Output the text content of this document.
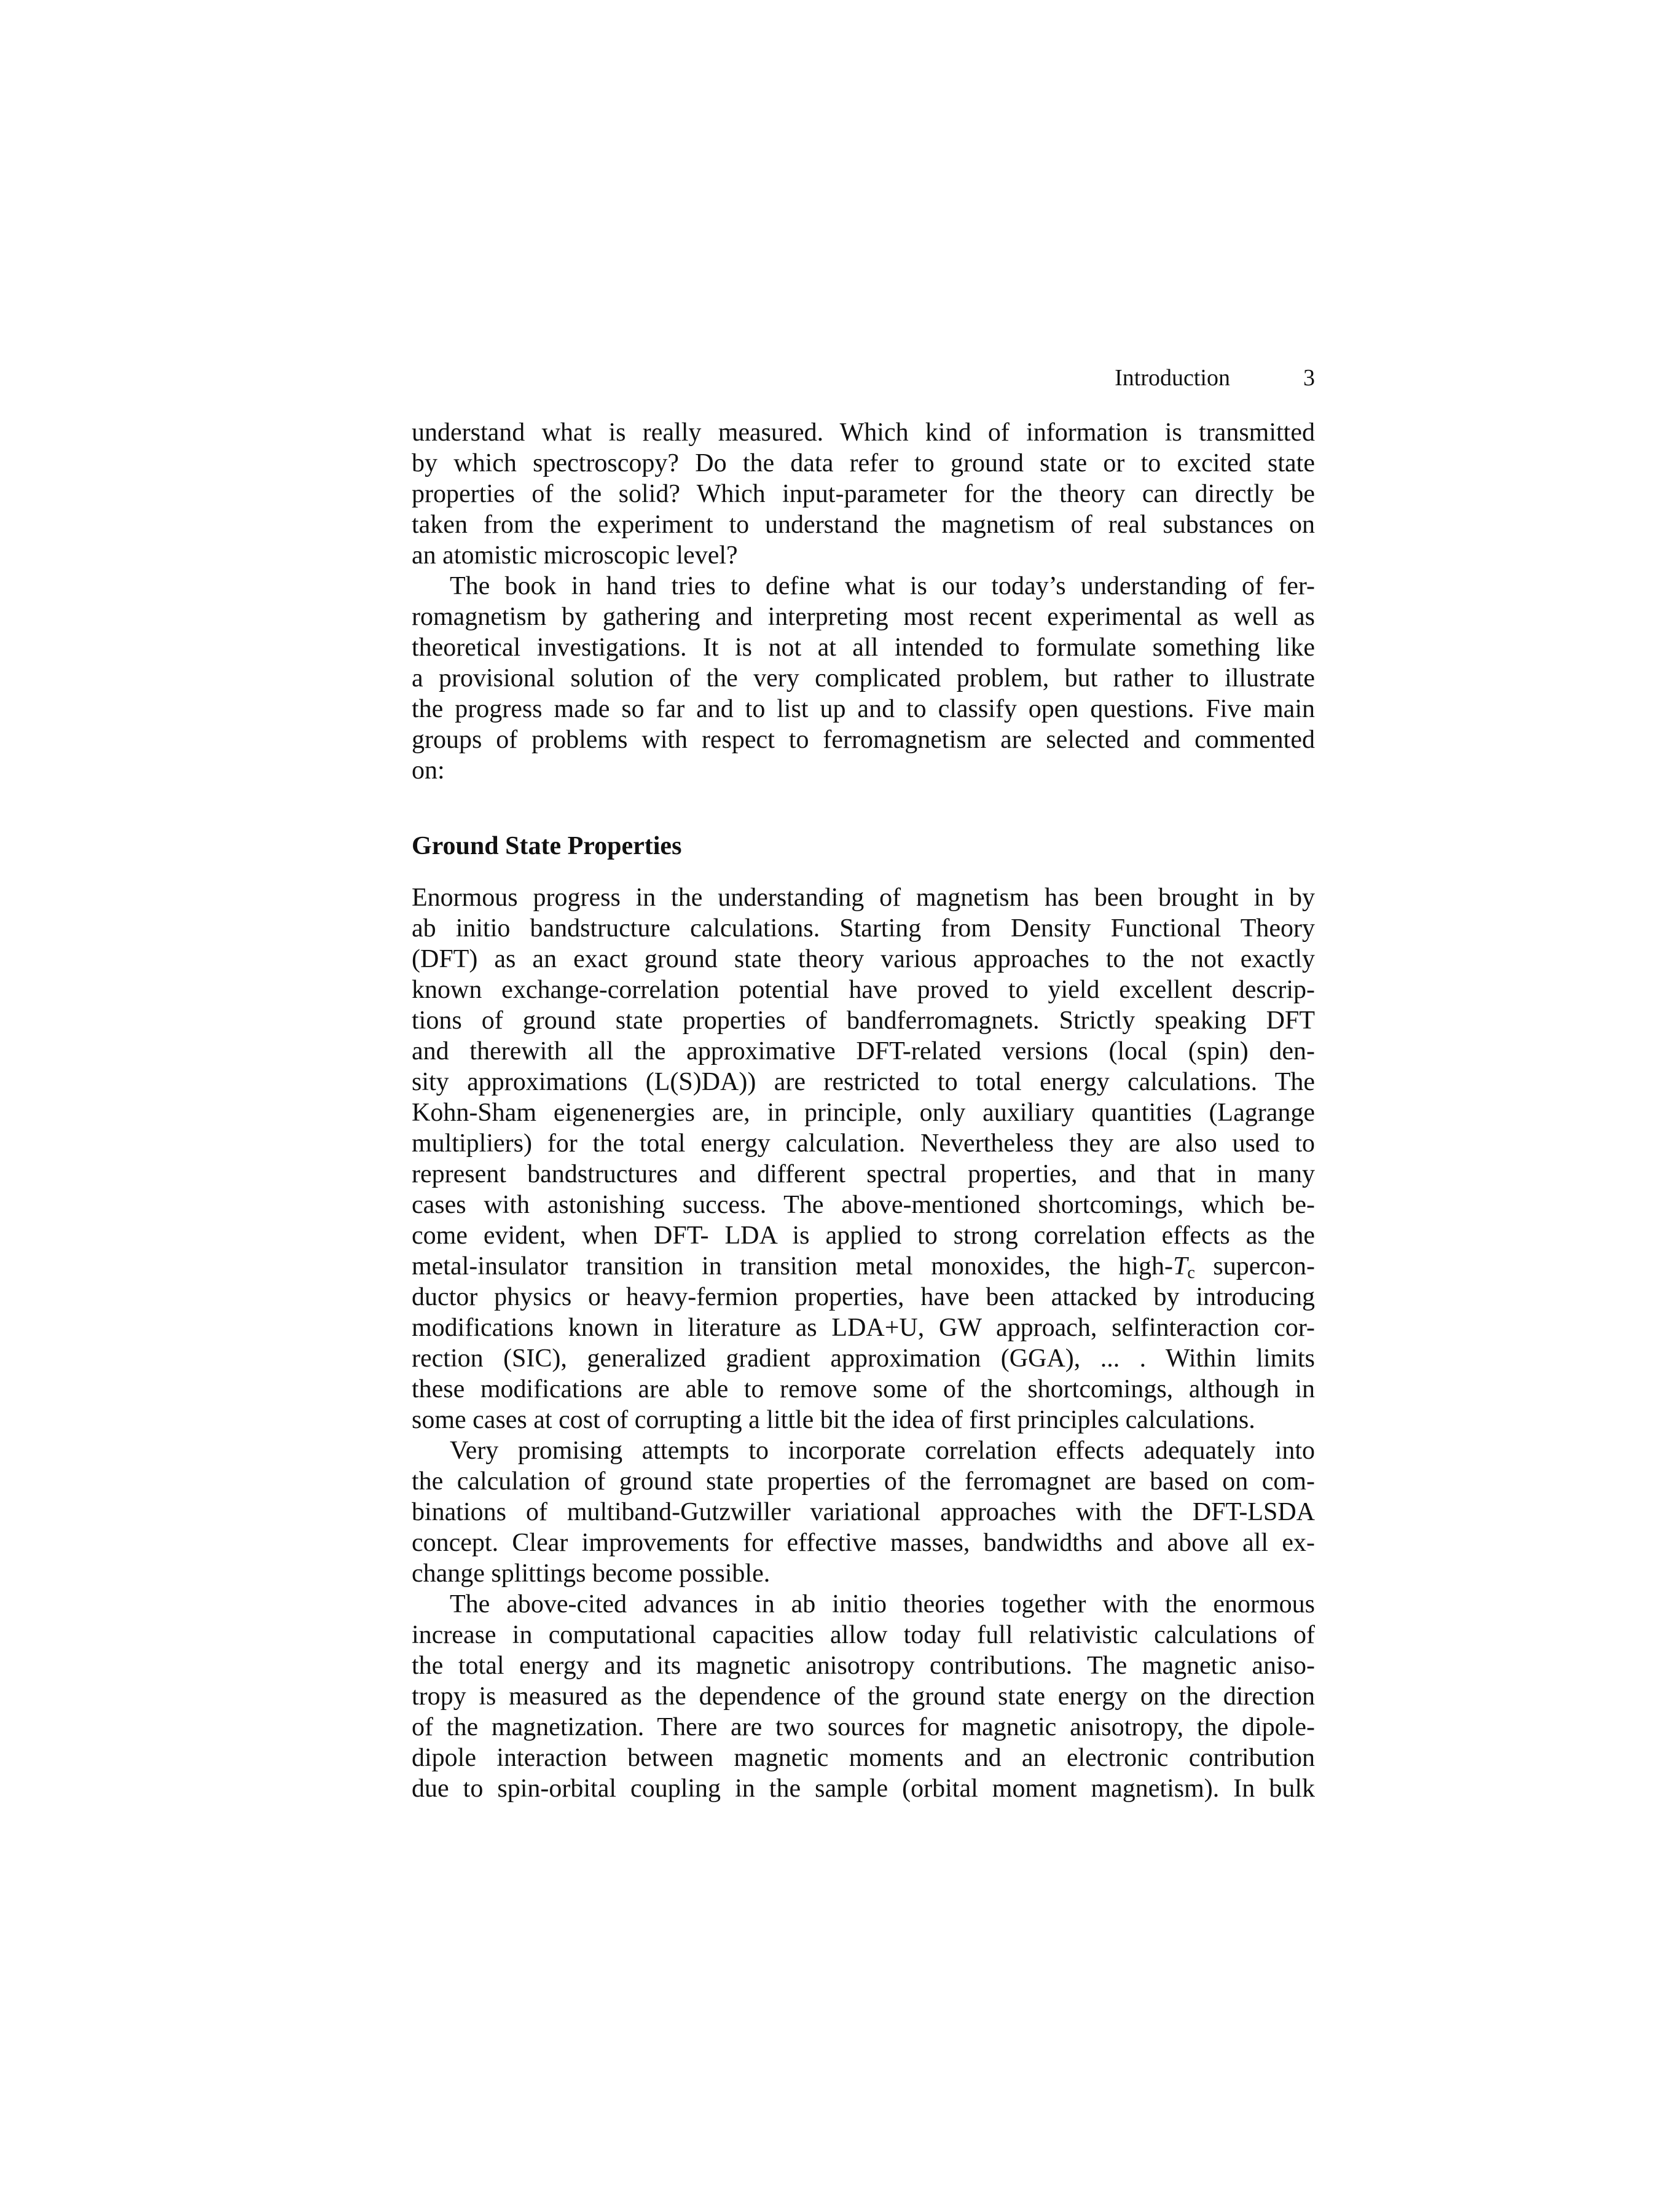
Introduction	3
understand what is really measured. Which kind of information is transmitted
by which spectroscopy? Do the data refer to ground state or to excited state
properties of the solid? Which input-parameter for the theory can directly be
taken from the experiment to understand the magnetism of real substances on
an atomistic microscopic level?
The book in hand tries to define what is our today’s understanding of fer-
romagnetism by gathering and interpreting most recent experimental as well as
theoretical investigations. It is not at all intended to formulate something like
a provisional solution of the very complicated problem, but rather to illustrate
the progress made so far and to list up and to classify open questions. Five main
groups of problems with respect to ferromagnetism are selected and commented
on:
Ground State Properties
Enormous progress in the understanding of magnetism has been brought in by
ab initio bandstructure calculations. Starting from Density Functional Theory
(DFT) as an exact ground state theory various approaches to the not exactly
known exchange-correlation potential have proved to yield excellent descrip-
tions of ground state properties of bandferromagnets. Strictly speaking DFT
and therewith all the approximative DFT-related versions (local (spin) den-
sity approximations (L(S)DA)) are restricted to total energy calculations. The
Kohn-Sham eigenenergies are, in principle, only auxiliary quantities (Lagrange
multipliers) for the total energy calculation. Nevertheless they are also used to
represent bandstructures and different spectral properties, and that in many
cases with astonishing success. The above-mentioned shortcomings, which be-
come evident, when DFT- LDA is applied to strong correlation effects as the
metal-insulator transition in transition metal monoxides, the high-$T_c$ supercon-
ductor physics or heavy-fermion properties, have been attacked by introducing
modifications known in literature as LDA+U, GW approach, selfinteraction cor-
rection (SIC), generalized gradient approximation (GGA), ... . Within limits
these modifications are able to remove some of the shortcomings, although in
some cases at cost of corrupting a little bit the idea of first principles calculations.
Very promising attempts to incorporate correlation effects adequately into
the calculation of ground state properties of the ferromagnet are based on com-
binations of multiband-Gutzwiller variational approaches with the DFT-LSDA
concept. Clear improvements for effective masses, bandwidths and above all ex-
change splittings become possible.
The above-cited advances in ab initio theories together with the enormous
increase in computational capacities allow today full relativistic calculations of
the total energy and its magnetic anisotropy contributions. The magnetic aniso-
tropy is measured as the dependence of the ground state energy on the direction
of the magnetization. There are two sources for magnetic anisotropy, the dipole-
dipole interaction between magnetic moments and an electronic contribution
due to spin-orbital coupling in the sample (orbital moment magnetism). In bulk
